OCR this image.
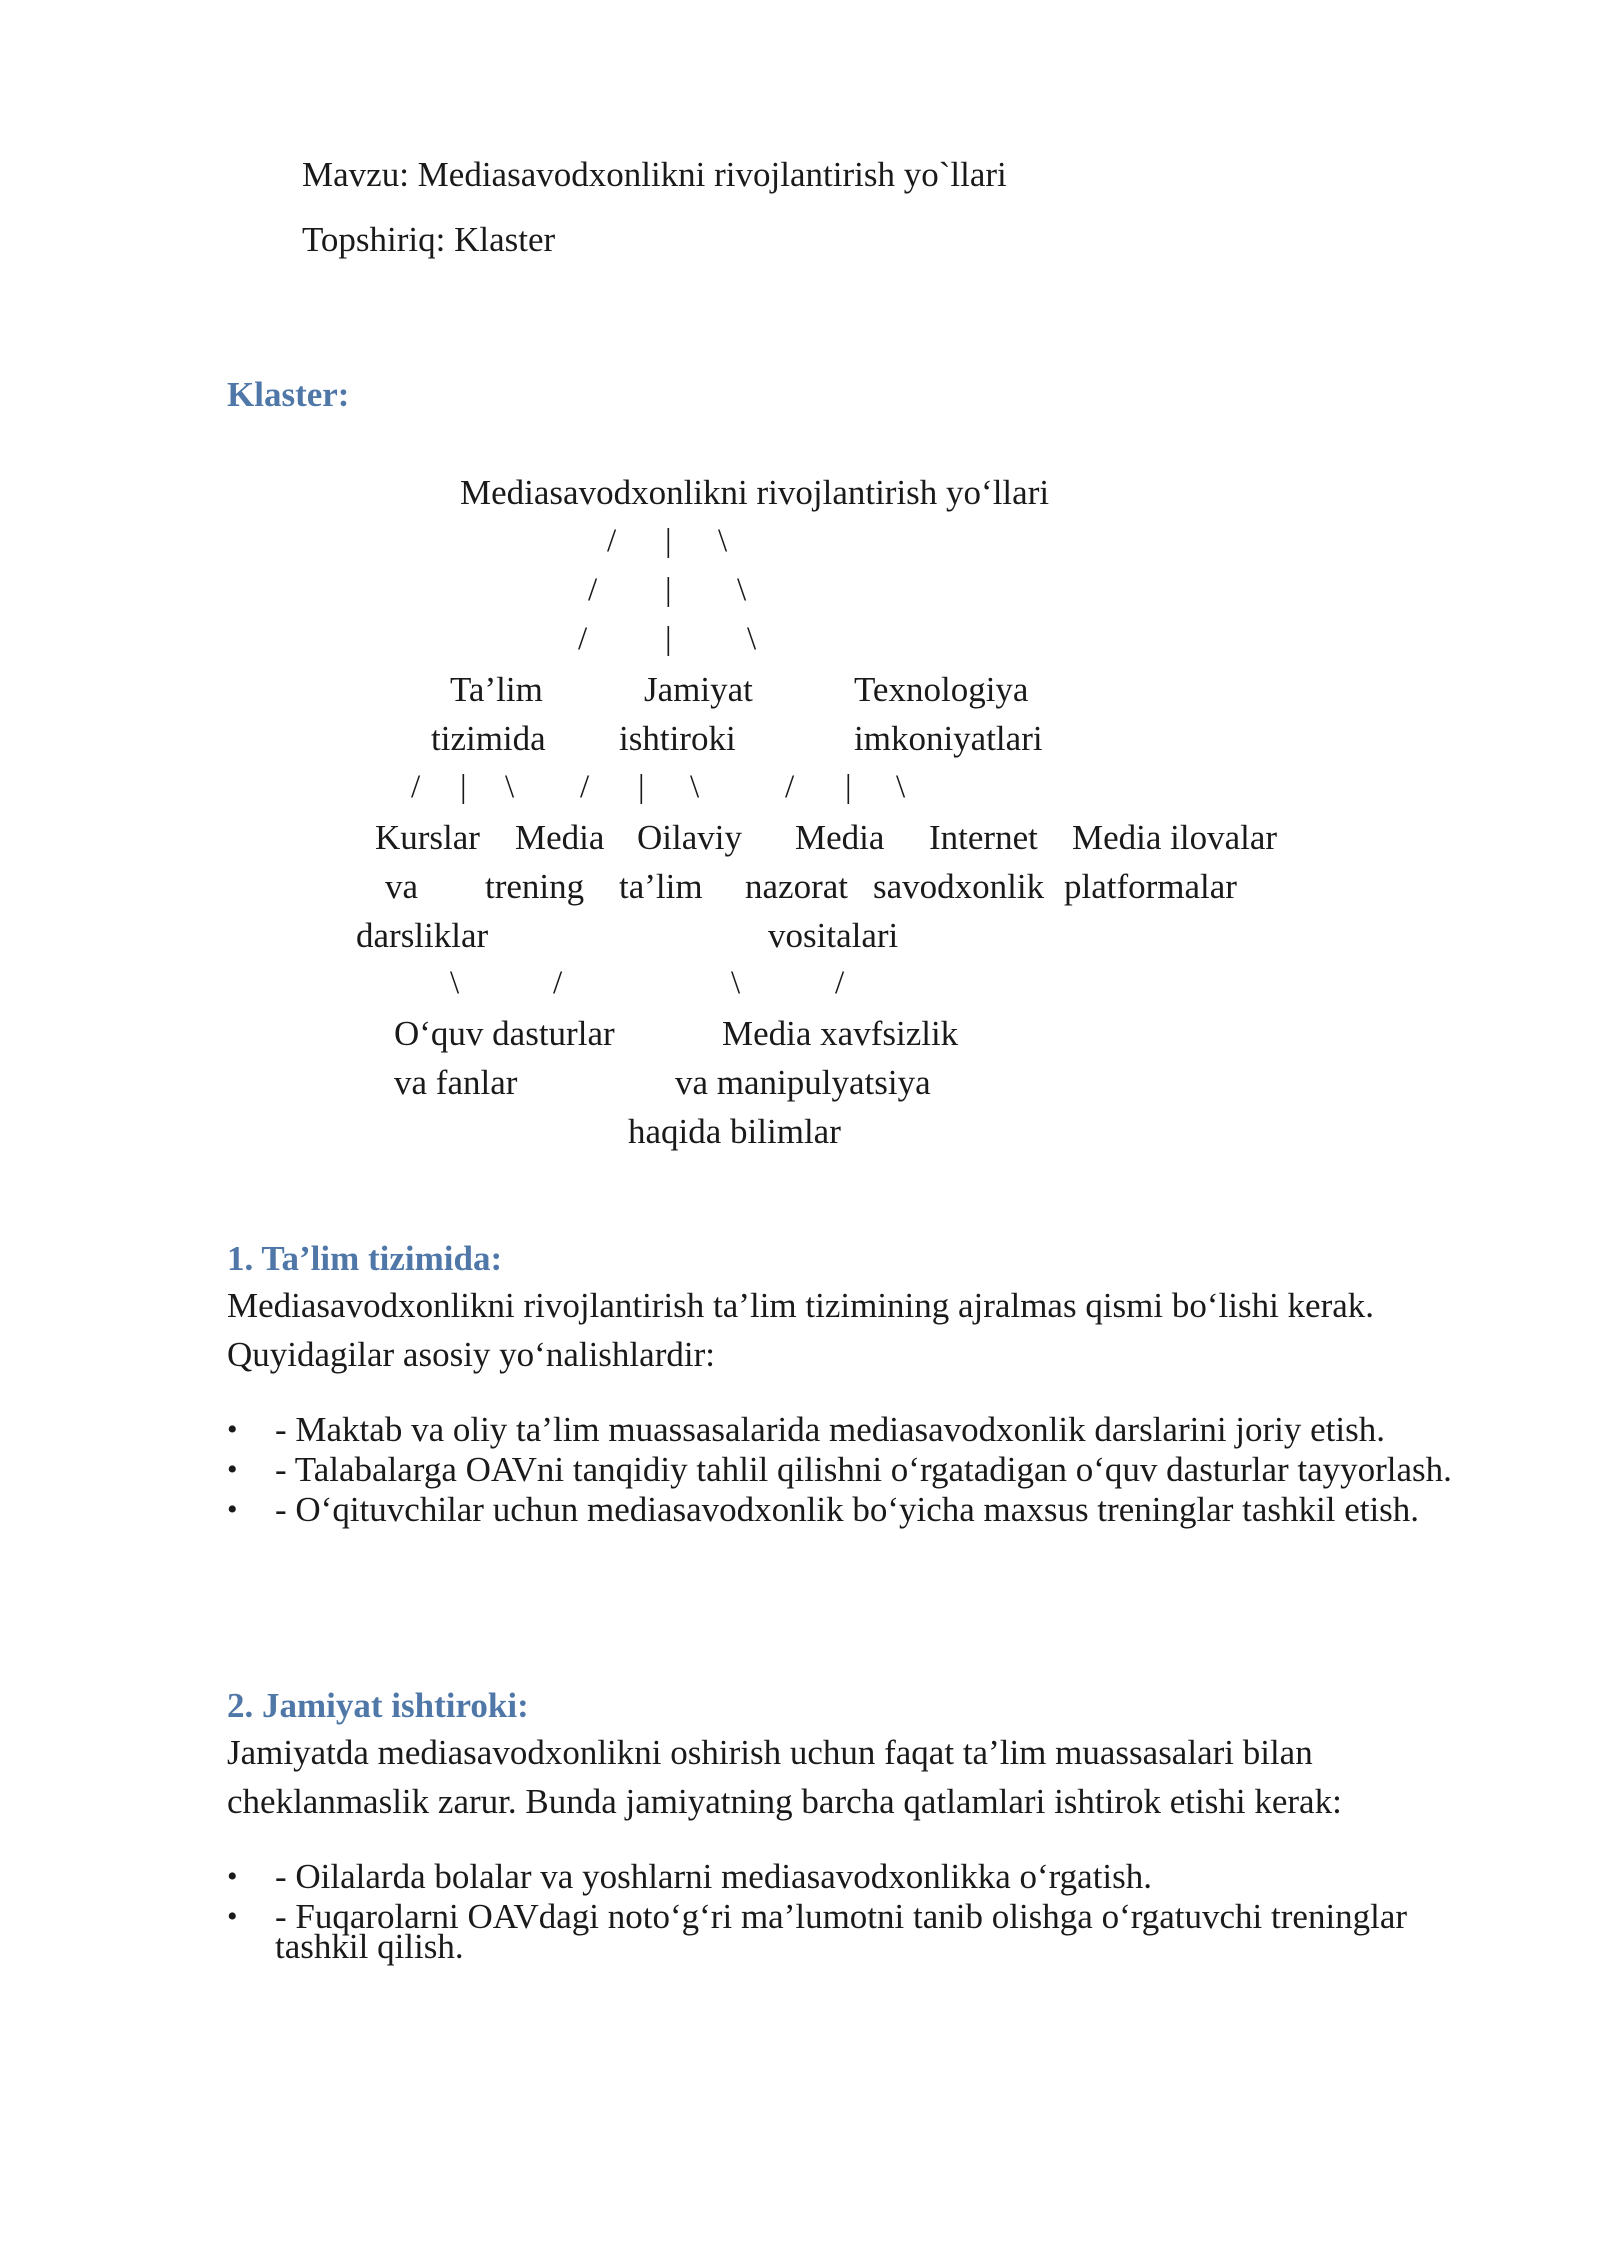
Mavzu: Mediasavodxonlikni rivojlantirish yo`llari
Topshiriq: Klaster
Klaster:
Mediasavodxonlikni rivojlantirish yo‘llari
/ | \
/ | \
/ | \
Ta’lim
tizimida
Jamiyat
ishtiroki
Texnologiya
imkoniyatlari
/ | \ / | \	/ | \
Kurslar
va
darsliklar
Media
trening
Oilaviy
ta’lim
Media
nazorat
vositalari
Internet
savodxonlik
Media ilovalar
platformalar
\	/	\	/
O‘quv dasturlar
va fanlar
Media xavfsizlik
va manipulyatsiya
haqida bilimlar
1. Ta’lim tizimida:
Mediasavodxonlikni rivojlantirish ta’lim tizimining ajralmas qismi bo‘lishi kerak. Quyidagilar asosiy yo‘nalishlardir:
• - Maktab va oliy ta’lim muassasalarida mediasavodxonlik darslarini joriy etish.
• - Talabalarga OAVni tanqidiy tahlil qilishni o‘rgatadigan o‘quv dasturlar tayyorlash.
• - O‘qituvchilar uchun mediasavodxonlik bo‘yicha maxsus treninglar tashkil etish.
2. Jamiyat ishtiroki:
Jamiyatda mediasavodxonlikni oshirish uchun faqat ta’lim muassasalari bilan cheklanmaslik zarur. Bunda jamiyatning barcha qatlamlari ishtirok etishi kerak:
• - Oilalarda bolalar va yoshlarni mediasavodxonlikka o‘rgatish.
• - Fuqarolarni OAVdagi noto‘g‘ri ma’lumotni tanib olishga o‘rgatuvchi treninglar tashkil qilish.
